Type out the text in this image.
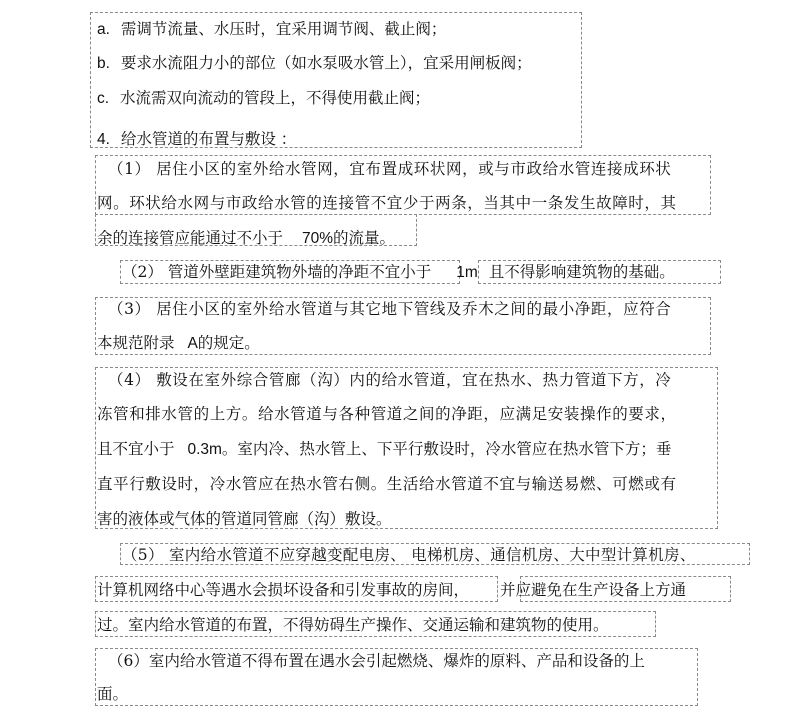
a. 需调节流量、水压时，宜采用调节阀、截止阀；
b. 要求水流阻力小的部位（如水泵吸水管上），宜采用闸板阀；
c. 水流需双向流动的管段上，不得使用截止阀；
4. 给水管道的布置与敷设 ：
（1） 居住小区的室外给水管网，宜布置成环状网，或与市政给水管连接成环状
网。环状给水网与市政给水管的连接管不宜少于两条，当其中一条发生故障时，其
余的连接管应能通过不小于 70%的流量。
（2） 管道外壁距建筑物外墙的净距不宜小于 1m 且不得影响建筑物的基础。
（3） 居住小区的室外给水管道与其它地下管线及乔木之间的最小净距，应符合
本规范附录 A的规定。
（4） 敷设在室外综合管廊（沟）内的给水管道，宜在热水、热力管道下方，冷
冻管和排水管的上方。给水管道与各种管道之间的净距，应满足安装操作的要求，
且不宜小于 0.3m。室内冷、热水管上、下平行敷设时，冷水管应在热水管下方；垂
直平行敷设时，冷水管应在热水管右侧。生活给水管道不宜与输送易燃、可燃或有
害的液体或气体的管道同管廊（沟）敷设。
（5） 室内给水管道不应穿越变配电房、 电梯机房、通信机房、大中型计算机房、
计算机网络中心等遇水会损坏设备和引发事故的房间， 并应避免在生产设备上方通
过。室内给水管道的布置，不得妨碍生产操作、交通运输和建筑物的使用。
（6）室内给水管道不得布置在遇水会引起燃烧、爆炸的原料、产品和设备的上
面。
